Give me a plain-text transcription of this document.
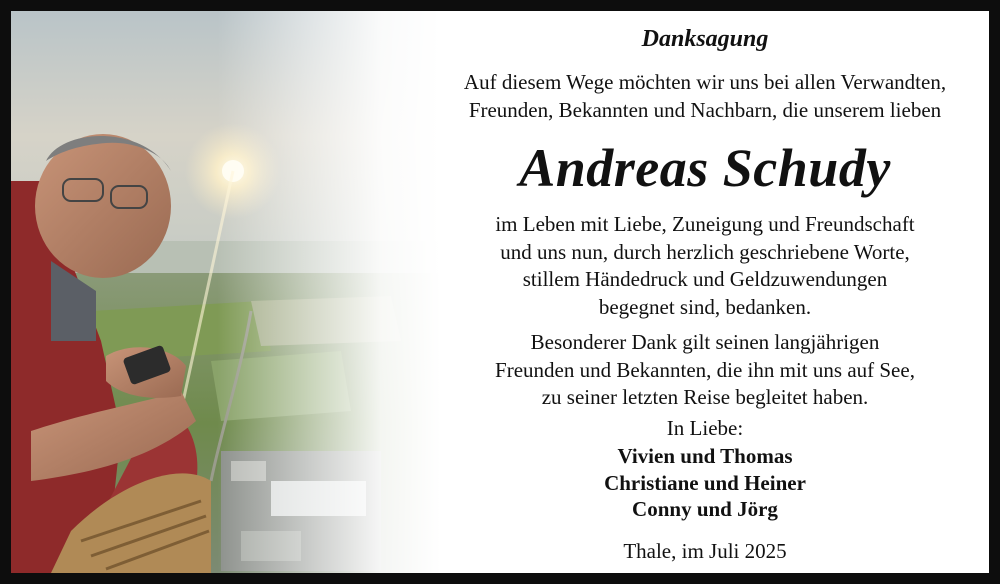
Danksagung
Auf diesem Wege möchten wir uns bei allen Verwandten,
Freunden, Bekannten und Nachbarn, die unserem lieben
Andreas Schudy
im Leben mit Liebe, Zuneigung und Freundschaft
und uns nun, durch herzlich geschriebene Worte,
stillem Händedruck und Geldzuwendungen
begegnet sind, bedanken.
Besonderer Dank gilt seinen langjährigen
Freunden und Bekannten, die ihn mit uns auf See,
zu seiner letzten Reise begleitet haben.
In Liebe:
Vivien und Thomas
Christiane und Heiner
Conny und Jörg
Thale, im Juli 2025
